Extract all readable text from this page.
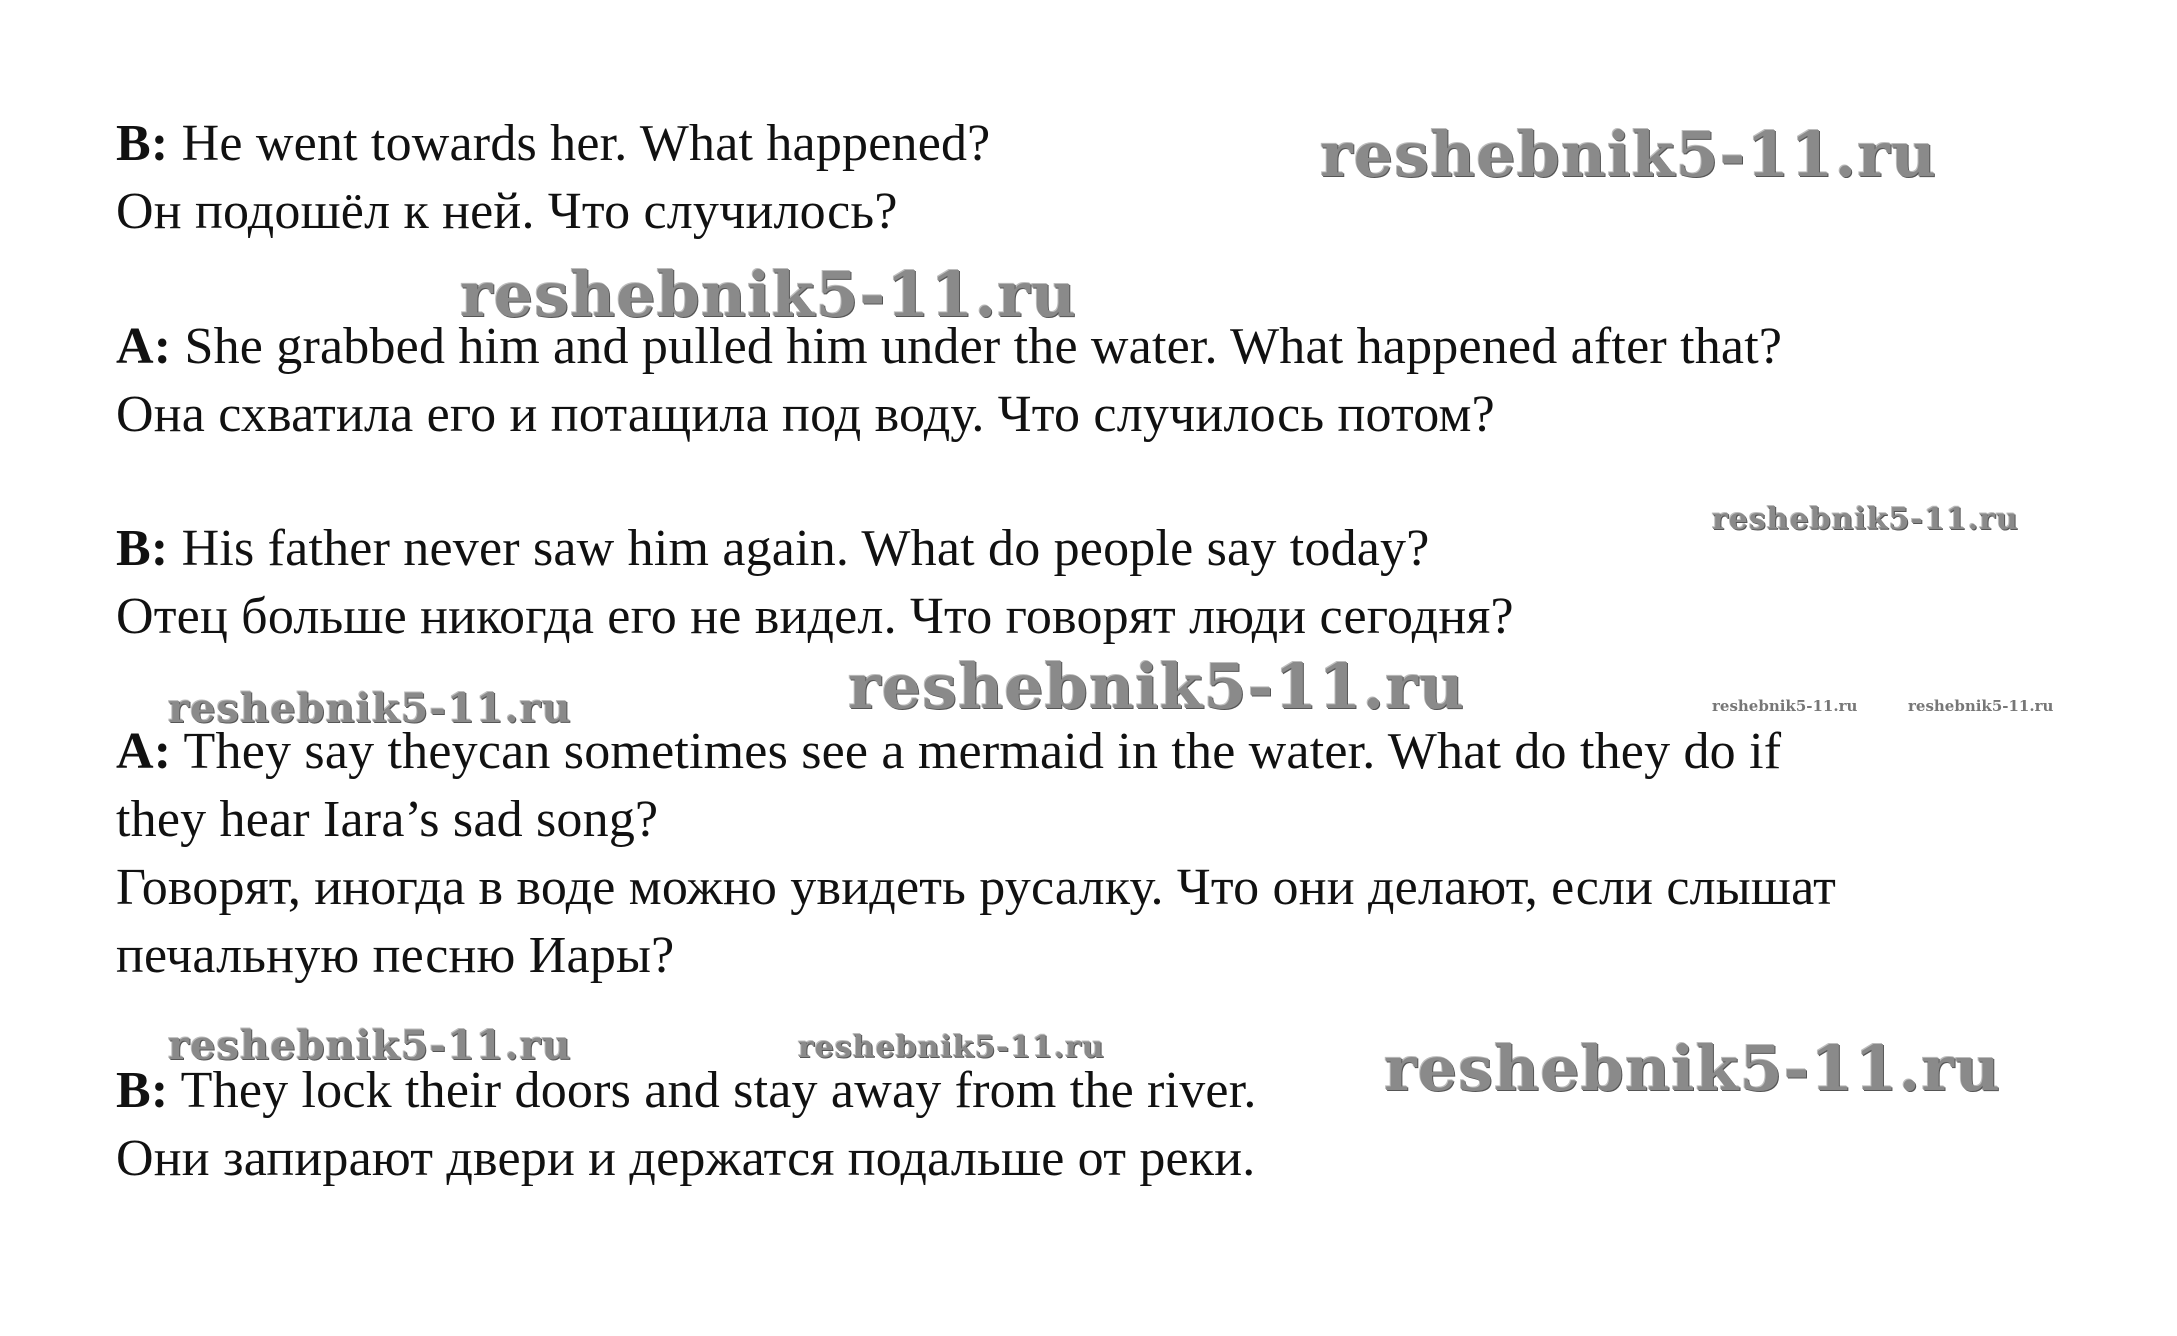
B: He went towards her. What happened?
Он подошёл к ней. Что случилось?
A: She grabbed him and pulled him under the water. What happened after that?
Она схватила его и потащила под воду. Что случилось потом?
B: His father never saw him again. What do people say today?
Отец больше никогда его не видел. Что говорят люди сегодня?
A: They say theycan sometimes see a mermaid in the water. What do they do if
they hear Iara’s sad song?
Говорят, иногда в воде можно увидеть русалку. Что они делают, если слышат
печальную песню Иары?
B: They lock their doors and stay away from the river.
Они запирают двери и держатся подальше от реки.
reshebnik5-11.ru
reshebnik5-11.ru
reshebnik5-11.ru
reshebnik5-11.ru
reshebnik5-11.ru	reshebnik5-11.ru	reshebnik5-11.ru
reshebnik5-11.ru	reshebnik5-11.ru	reshebnik5-11.ru
